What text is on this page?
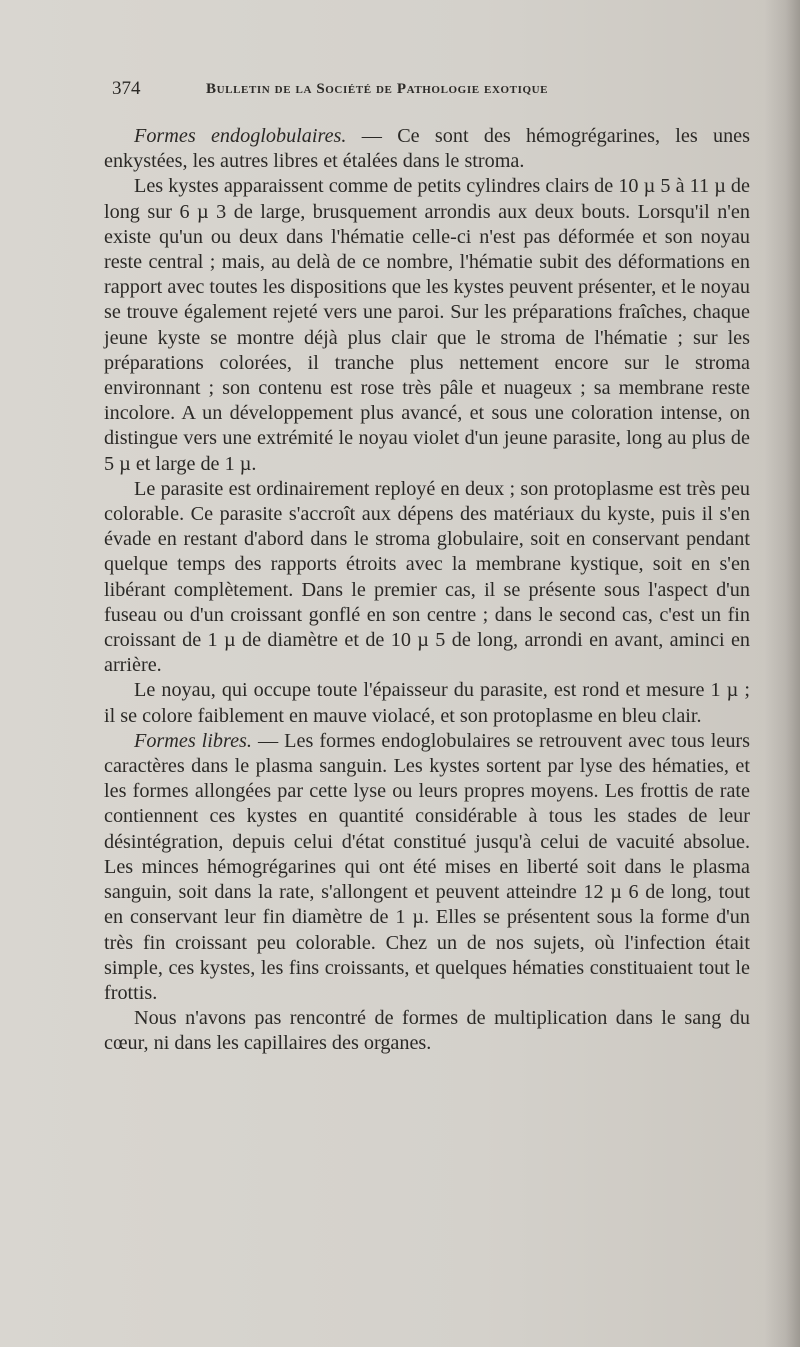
374	Bulletin de la Société de Pathologie exotique

Formes endoglobulaires. — Ce sont des hémogrégarines, les unes enkystées, les autres libres et étalées dans le stroma.

Les kystes apparaissent comme de petits cylindres clairs de 10 µ 5 à 11 µ de long sur 6 µ 3 de large, brusquement arrondis aux deux bouts. Lorsqu'il n'en existe qu'un ou deux dans l'hématie celle-ci n'est pas déformée et son noyau reste central ; mais, au delà de ce nombre, l'hématie subit des déformations en rapport avec toutes les dispositions que les kystes peuvent présenter, et le noyau se trouve également rejeté vers une paroi. Sur les préparations fraîches, chaque jeune kyste se montre déjà plus clair que le stroma de l'hématie ; sur les préparations colorées, il tranche plus nettement encore sur le stroma environnant ; son contenu est rose très pâle et nuageux ; sa membrane reste incolore. A un développement plus avancé, et sous une coloration intense, on distingue vers une extrémité le noyau violet d'un jeune parasite, long au plus de 5 µ et large de 1 µ.

Le parasite est ordinairement reployé en deux ; son protoplasme est très peu colorable. Ce parasite s'accroît aux dépens des matériaux du kyste, puis il s'en évade en restant d'abord dans le stroma globulaire, soit en conservant pendant quelque temps des rapports étroits avec la membrane kystique, soit en s'en libérant complètement. Dans le premier cas, il se présente sous l'aspect d'un fuseau ou d'un croissant gonflé en son centre ; dans le second cas, c'est un fin croissant de 1 µ de diamètre et de 10 µ 5 de long, arrondi en avant, aminci en arrière.

Le noyau, qui occupe toute l'épaisseur du parasite, est rond et mesure 1 µ ; il se colore faiblement en mauve violacé, et son protoplasme en bleu clair.

Formes libres. — Les formes endoglobulaires se retrouvent avec tous leurs caractères dans le plasma sanguin. Les kystes sortent par lyse des hématies, et les formes allongées par cette lyse ou leurs propres moyens. Les frottis de rate contiennent ces kystes en quantité considérable à tous les stades de leur désintégration, depuis celui d'état constitué jusqu'à celui de vacuité absolue. Les minces hémogrégarines qui ont été mises en liberté soit dans le plasma sanguin, soit dans la rate, s'allongent et peuvent atteindre 12 µ 6 de long, tout en conservant leur fin diamètre de 1 µ. Elles se présentent sous la forme d'un très fin croissant peu colorable. Chez un de nos sujets, où l'infection était simple, ces kystes, les fins croissants, et quelques hématies constituaient tout le frottis.

Nous n'avons pas rencontré de formes de multiplication dans le sang du cœur, ni dans les capillaires des organes.
